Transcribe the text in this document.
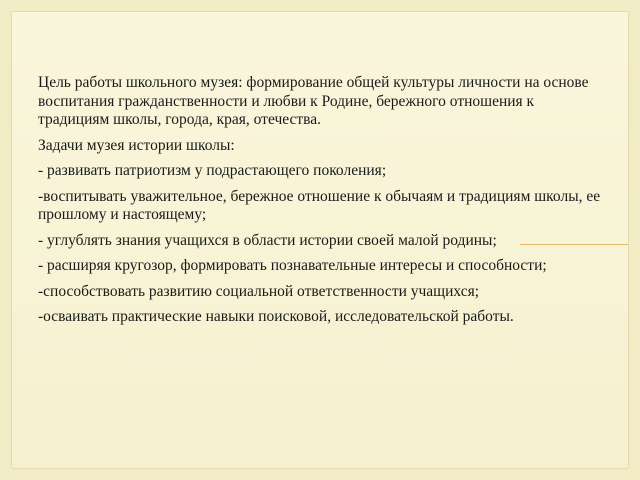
Цель работы школьного музея: формирование общей культуры личности на основе воспитания гражданственности и любви к Родине, бережного отношения к традициям школы, города, края, отечества.

Задачи музея истории школы:

- развивать патриотизм у подрастающего поколения;

-воспитывать уважительное, бережное отношение к обычаям и традициям школы, ее прошлому и настоящему;

- углублять знания учащихся в области истории своей малой родины;

- расширяя кругозор, формировать познавательные интересы и способности;

-способствовать развитию социальной ответственности учащихся;

-осваивать практические навыки поисковой, исследовательской работы.
